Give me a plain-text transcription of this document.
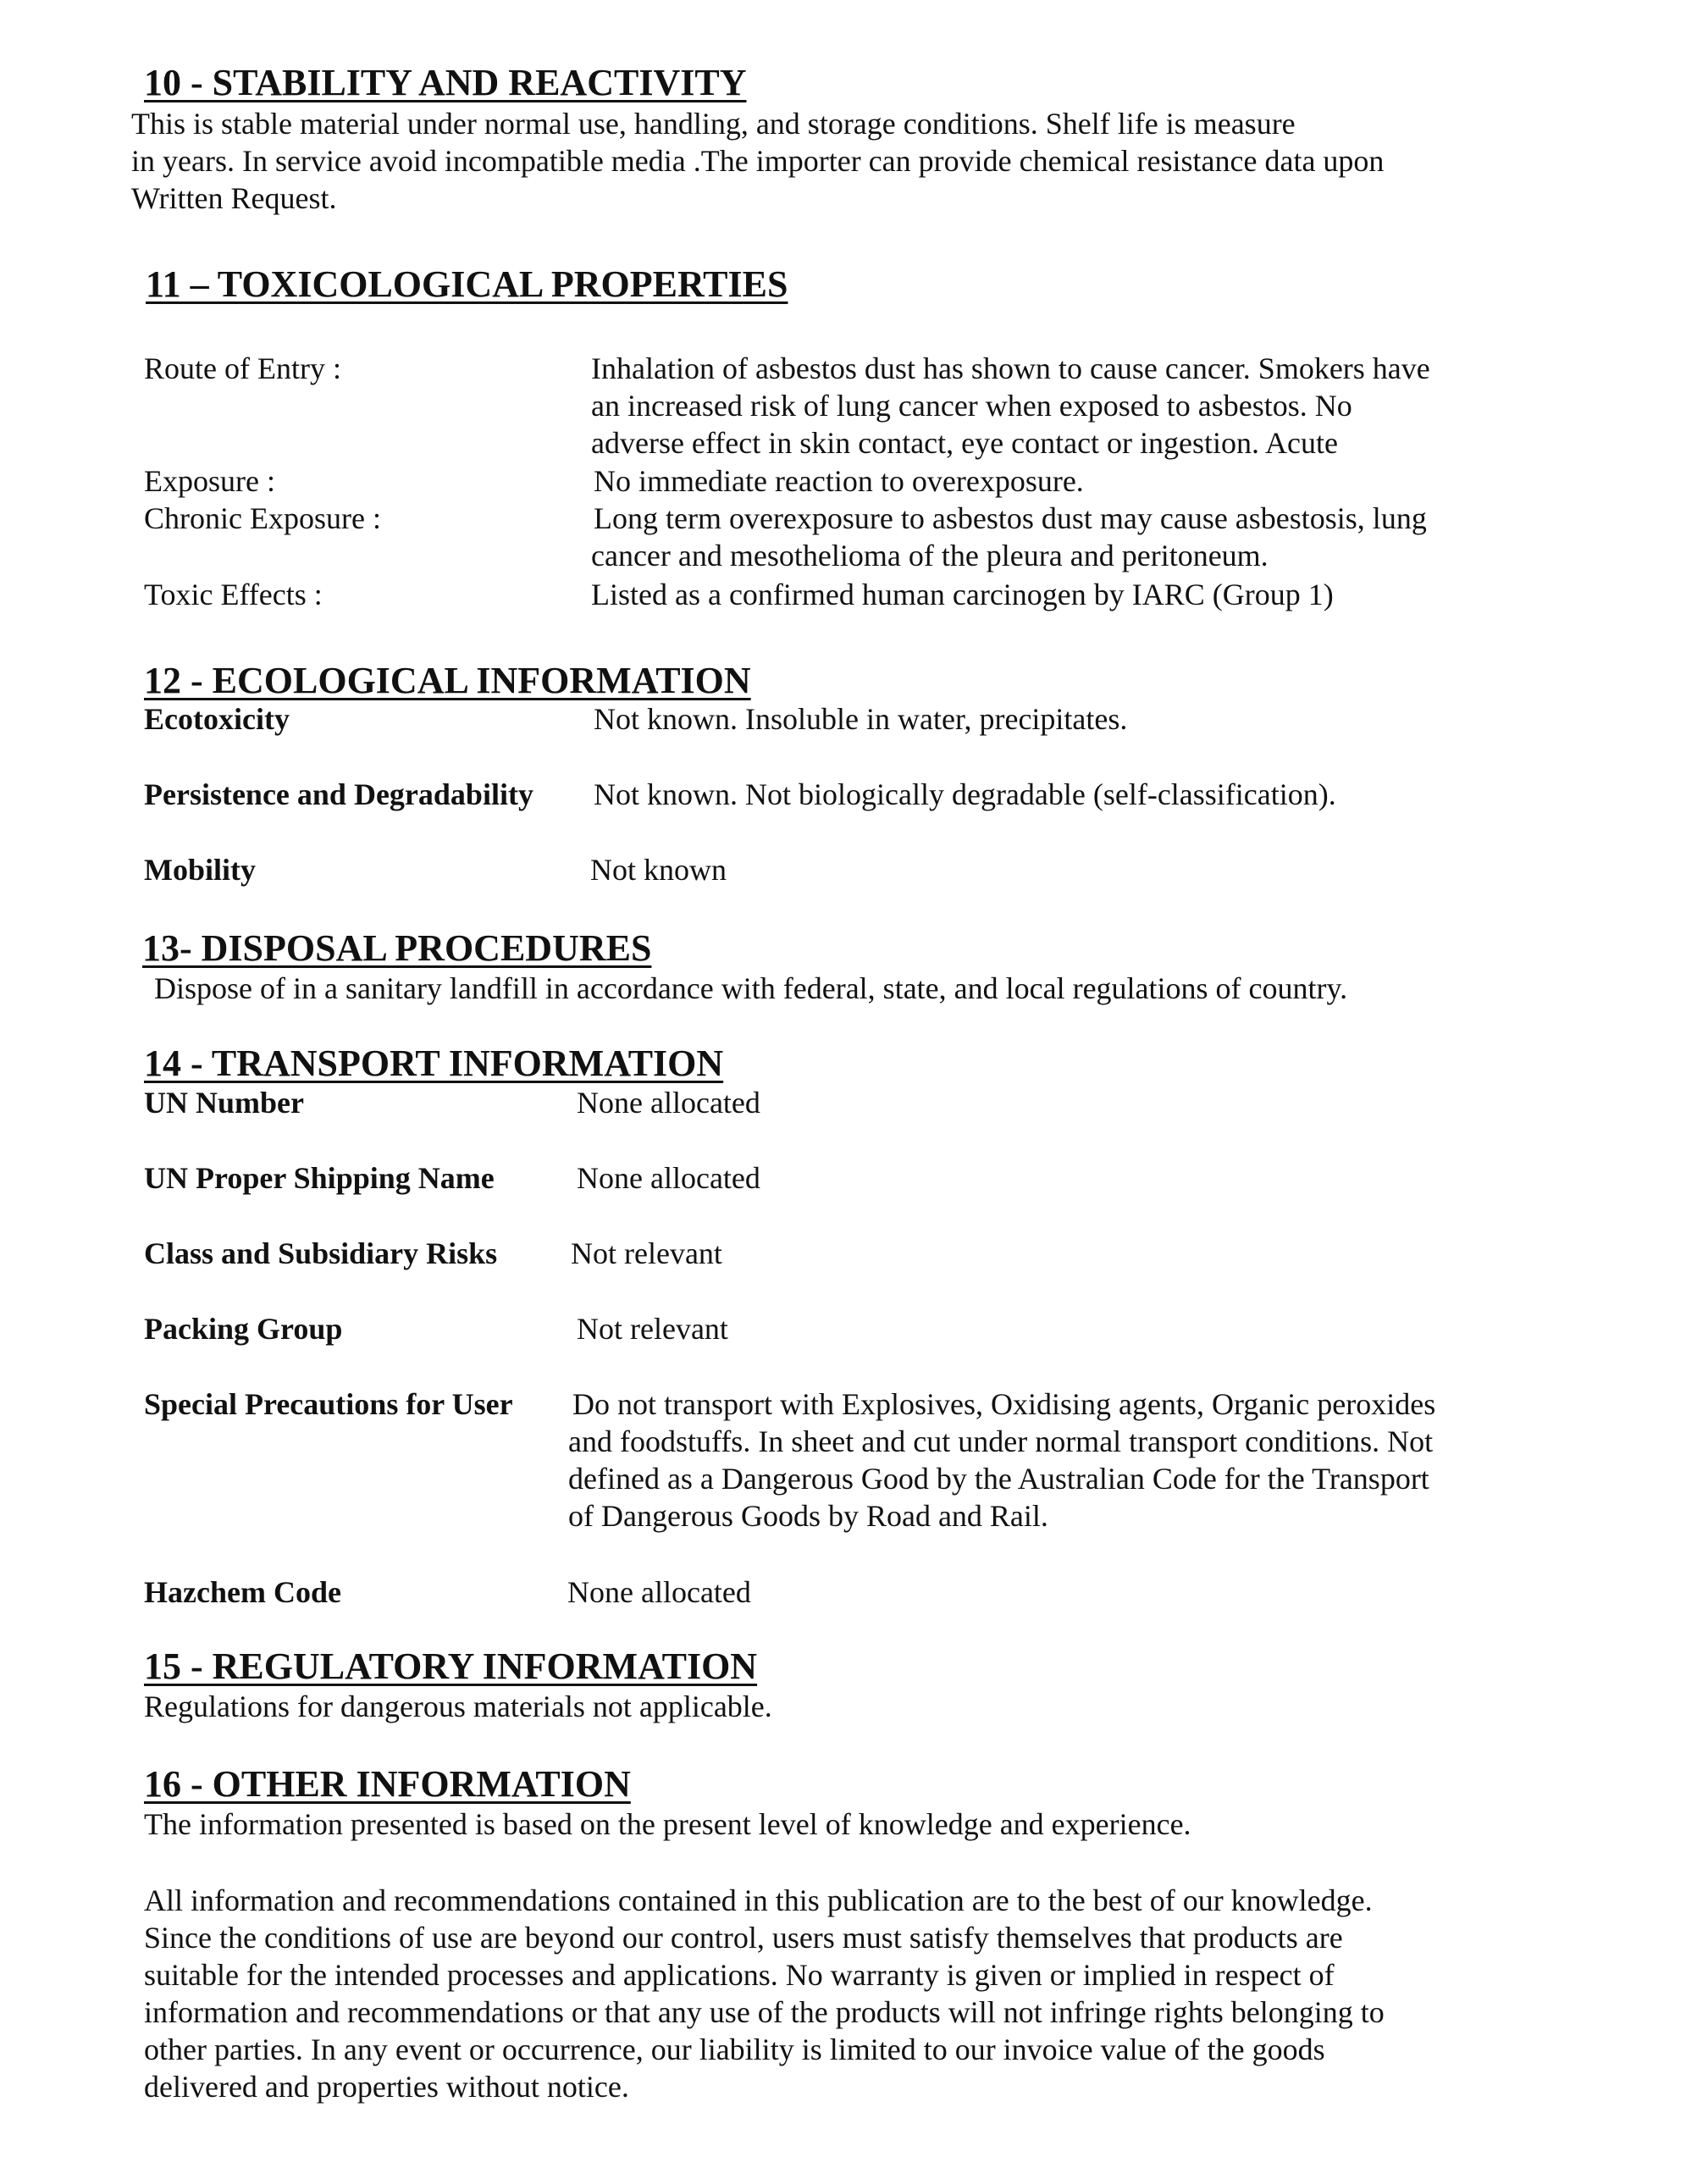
10 - STABILITY AND REACTIVITY
This is stable material under normal use, handling, and storage conditions. Shelf life is measure
in years. In service avoid incompatible media .The importer can provide chemical resistance data upon
Written Request.
11 – TOXICOLOGICAL PROPERTIES
Route of Entry :	Inhalation of asbestos dust has shown to cause cancer. Smokers have
an increased risk of lung cancer when exposed to asbestos. No
adverse effect in skin contact, eye contact or ingestion. Acute
Exposure :	No immediate reaction to overexposure.
Chronic Exposure :	Long term overexposure to asbestos dust may cause asbestosis, lung
cancer and mesothelioma of the pleura and peritoneum.
Toxic Effects :	Listed as a confirmed human carcinogen by IARC (Group 1)
12 - ECOLOGICAL INFORMATION
Ecotoxicity	Not known. Insoluble in water, precipitates.
Persistence and Degradability Not known. Not biologically degradable (self-classification).
Mobility	Not known
13- DISPOSAL PROCEDURES
Dispose of in a sanitary landfill in accordance with federal, state, and local regulations of country.
14 - TRANSPORT INFORMATION
UN Number	None allocated
UN Proper Shipping Name	None allocated
Class and Subsidiary Risks Not relevant
Packing Group	Not relevant
Special Precautions for User Do not transport with Explosives, Oxidising agents, Organic peroxides
and foodstuffs. In sheet and cut under normal transport conditions. Not
defined as a Dangerous Good by the Australian Code for the Transport
of Dangerous Goods by Road and Rail.
Hazchem Code	None allocated
15 - REGULATORY INFORMATION
Regulations for dangerous materials not applicable.
16 - OTHER INFORMATION
The information presented is based on the present level of knowledge and experience.
All information and recommendations contained in this publication are to the best of our knowledge.
Since the conditions of use are beyond our control, users must satisfy themselves that products are
suitable for the intended processes and applications. No warranty is given or implied in respect of
information and recommendations or that any use of the products will not infringe rights belonging to
other parties. In any event or occurrence, our liability is limited to our invoice value of the goods
delivered and properties without notice.
